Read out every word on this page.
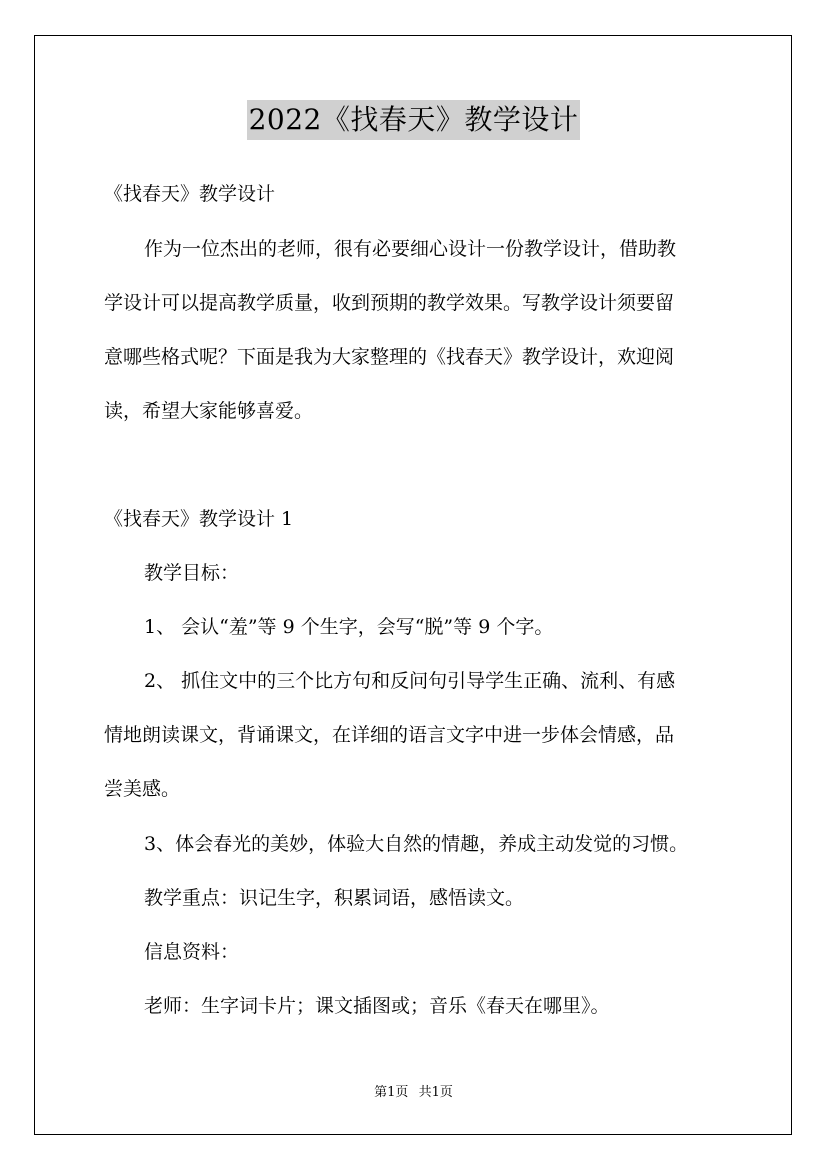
2022《找春天》教学设计
《找春天》教学设计
作为一位杰出的老师，很有必要细心设计一份教学设计，借助教
学设计可以提高教学质量，收到预期的教学效果。写教学设计须要留
意哪些格式呢？下面是我为大家整理的《找春天》教学设计，欢迎阅
读，希望大家能够喜爱。
《找春天》教学设计 1
教学目标：
1、 会认“羞”等 9 个生字，会写“脱”等 9 个字。
2、 抓住文中的三个比方句和反问句引导学生正确、流利、有感
情地朗读课文，背诵课文，在详细的语言文字中进一步体会情感，品
尝美感。
3、体会春光的美妙，体验大自然的情趣，养成主动发觉的习惯。
教学重点：识记生字，积累词语，感悟读文。
信息资料：
老师：生字词卡片；课文插图或；音乐《春天在哪里》。
第1页 共1页
